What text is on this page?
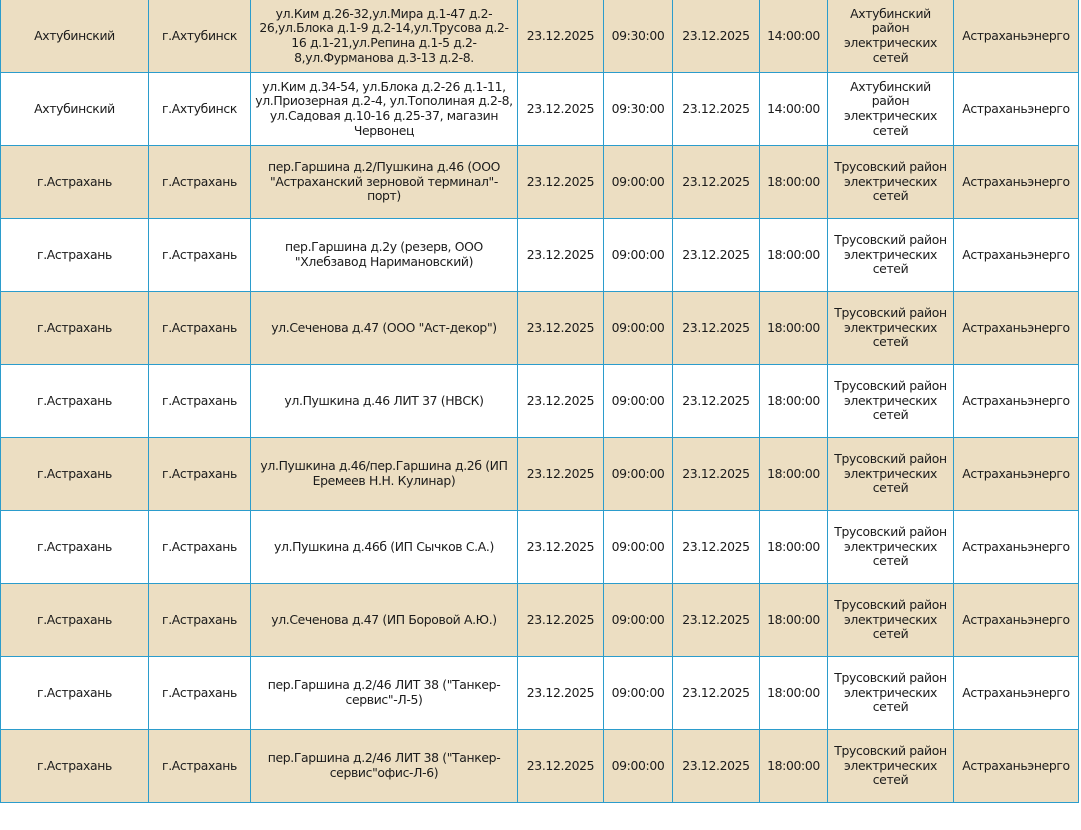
Ахтубинский	г.Ахтубинск	ул.Ким д.26-32,ул.Мира д.1-47 д.2-26,ул.Блока д.1-9 д.2-14,ул.Трусова д.2-16 д.1-21,ул.Репина д.1-5 д.2-8,ул.Фурманова д.3-13 д.2-8.	23.12.2025	09:30:00	23.12.2025	14:00:00	Ахтубинский район электрических сетей	Астраханьэнерго
Ахтубинский	г.Ахтубинск	ул.Ким д.34-54, ул.Блока д.2-26 д.1-11, ул.Приозерная д.2-4, ул.Тополиная д.2-8, ул.Садовая д.10-16 д.25-37, магазин Червонец	23.12.2025	09:30:00	23.12.2025	14:00:00	Ахтубинский район электрических сетей	Астраханьэнерго
г.Астрахань	г.Астрахань	пер.Гаршина д.2/Пушкина д.46 (ООО "Астраханский зерновой терминал"-порт)	23.12.2025	09:00:00	23.12.2025	18:00:00	Трусовский район электрических сетей	Астраханьэнерго
г.Астрахань	г.Астрахань	пер.Гаршина д.2у (резерв, ООО "Хлебзавод Наримановский)	23.12.2025	09:00:00	23.12.2025	18:00:00	Трусовский район электрических сетей	Астраханьэнерго
г.Астрахань	г.Астрахань	ул.Сеченова д.47 (ООО "Аст-декор")	23.12.2025	09:00:00	23.12.2025	18:00:00	Трусовский район электрических сетей	Астраханьэнерго
г.Астрахань	г.Астрахань	ул.Пушкина д.46 ЛИТ 37 (НВСК)	23.12.2025	09:00:00	23.12.2025	18:00:00	Трусовский район электрических сетей	Астраханьэнерго
г.Астрахань	г.Астрахань	ул.Пушкина д.46/пер.Гаршина д.2б (ИП Еремеев Н.Н. Кулинар)	23.12.2025	09:00:00	23.12.2025	18:00:00	Трусовский район электрических сетей	Астраханьэнерго
г.Астрахань	г.Астрахань	ул.Пушкина д.46б (ИП Сычков С.А.)	23.12.2025	09:00:00	23.12.2025	18:00:00	Трусовский район электрических сетей	Астраханьэнерго
г.Астрахань	г.Астрахань	ул.Сеченова д.47 (ИП Боровой А.Ю.)	23.12.2025	09:00:00	23.12.2025	18:00:00	Трусовский район электрических сетей	Астраханьэнерго
г.Астрахань	г.Астрахань	пер.Гаршина д.2/46 ЛИТ 38 ("Танкер-сервис"-Л-5)	23.12.2025	09:00:00	23.12.2025	18:00:00	Трусовский район электрических сетей	Астраханьэнерго
г.Астрахань	г.Астрахань	пер.Гаршина д.2/46 ЛИТ 38 ("Танкер-сервис"офис-Л-6)	23.12.2025	09:00:00	23.12.2025	18:00:00	Трусовский район электрических сетей	Астраханьэнерго
